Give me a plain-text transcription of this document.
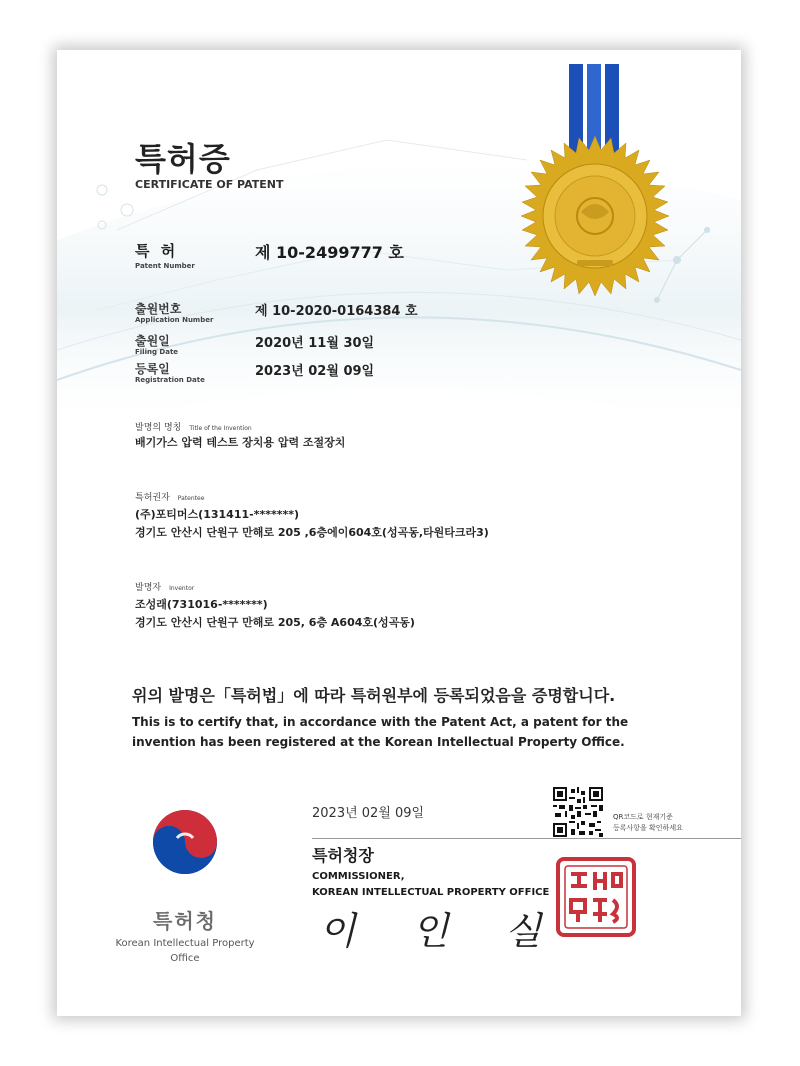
특허증
CERTIFICATE OF PATENT
특 허
Patent Number
제 10-2499777 호
출원번호
Application Number
제 10-2020-0164384 호
출원일
Filing Date
2020년 11월 30일
등록일
Registration Date
2023년 02월 09일
발명의 명칭 Title of the Invention
배기가스 압력 테스트 장치용 압력 조절장치
특허권자 Patentee
(주)포티머스(131411-*******)
경기도 안산시 단원구 만해로 205 ,6층에이604호(성곡동,타원타크라3)
발명자 Inventor
조성래(731016-*******)
경기도 안산시 단원구 만해로 205, 6층 A604호(성곡동)
위의 발명은「특허법」에 따라 특허원부에 등록되었음을 증명합니다.
This is to certify that, in accordance with the Patent Act, a patent for the invention has been registered at the Korean Intellectual Property Office.
2023년 02월 09일	QR코드로 현재기준
등록사항을 확인하세요
특허청장
COMMISSIONER,
KOREAN INTELLECTUAL PROPERTY OFFICE
이 인 실
특허청
Korean Intellectual Property Office
